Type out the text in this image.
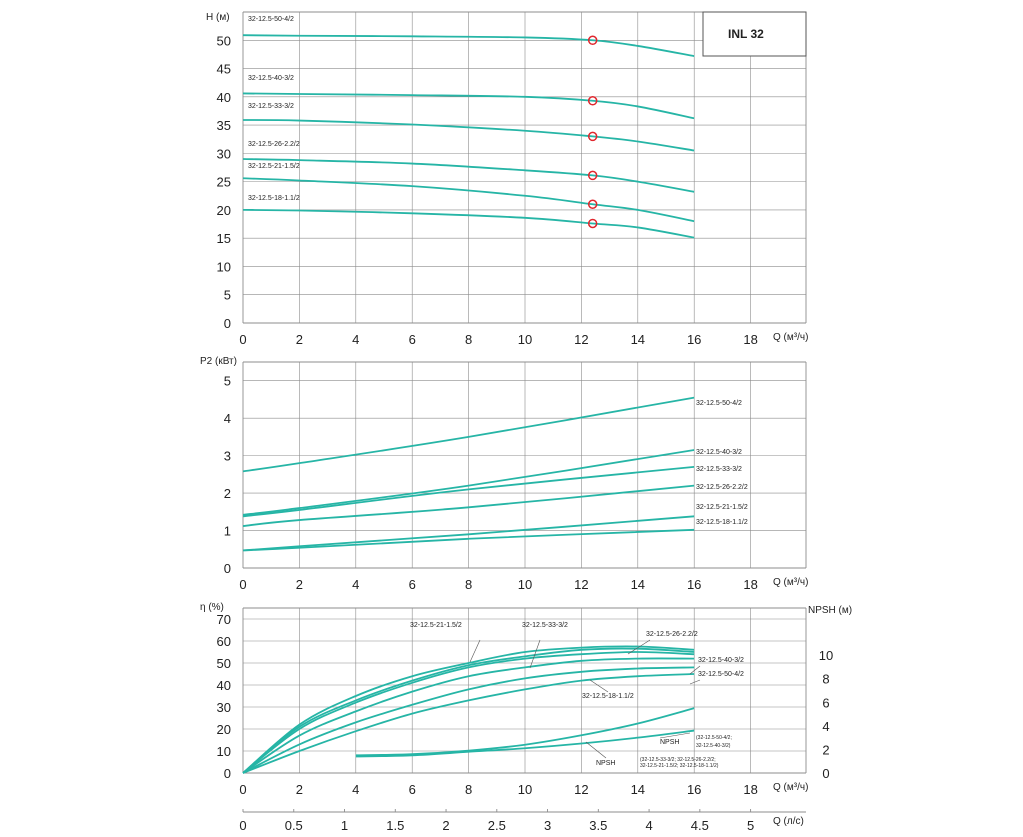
0
5
10
15
20
25
30
35
40
45
50
0	2	4	6	8	10	12	14	16	18
0
1
2
3
4
5
0	2	4	6	8	10	12	14	16	18
0
10
20
30
40
50
60
70
0	2	4	6	8	10	12	14	16	18
0
2
4
6
8
10
0	0.5	1	1.5	2	2.5	3	3.5	4	4.5	5
INL 32
H (м)
Q (м³/ч)
32-12.5-50-4/2
32-12.5-40-3/2
32-12.5-33-3/2
32-12.5-26-2.2/2
32-12.5-21-1.5/2
32-12.5-18-1.1/2
P2 (кВт)
Q (м³/ч)
32-12.5-50-4/2
32-12.5-40-3/2
32-12.5-33-3/2
32-12.5-26-2.2/2
32-12.5-21-1.5/2
32-12.5-18-1.1/2
η (%)	NPSH (м)
Q (м³/ч)
Q (л/с)
32-12.5-21-1.5/2	32-12.5-33-3/2
32-12.5-26-2.2/2
32-12.5-40-3/2
32-12.5-50-4/2
32-12.5-18-1.1/2
NPSH
NPSH
(32-12.5-50-4/2;
32-12.5-40-3/2)
(32-12.5-33-3/2; 32-12.5-26-2.2/2;
32-12.5-21-1.5/2; 32-12.5-18-1.1/2)
